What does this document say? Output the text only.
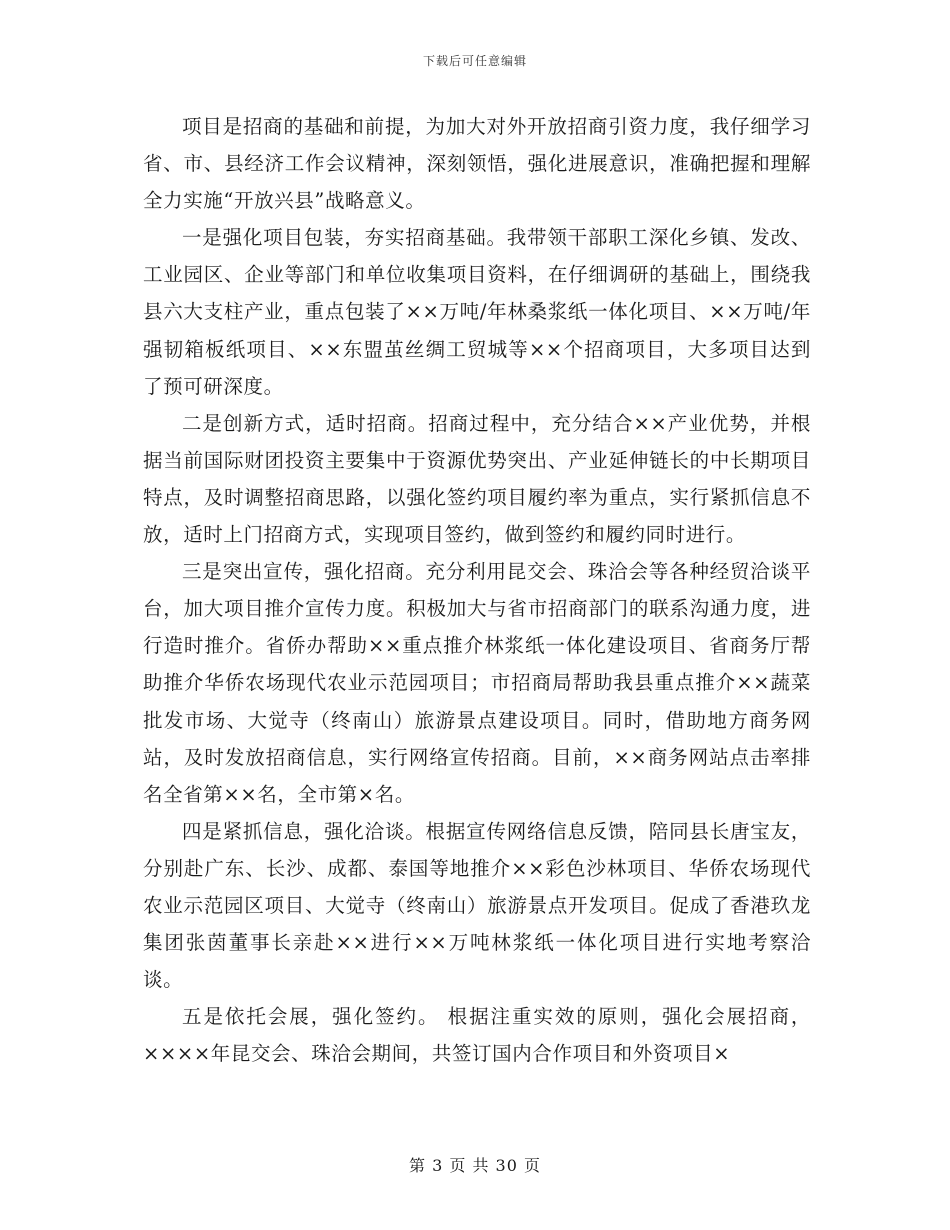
下载后可任意编辑

项目是招商的基础和前提，为加大对外开放招商引资力度，我仔细学习省、市、县经济工作会议精神，深刻领悟，强化进展意识，准确把握和理解全力实施“开放兴县”战略意义。

一是强化项目包装，夯实招商基础。我带领干部职工深化乡镇、发改、工业园区、企业等部门和单位收集项目资料，在仔细调研的基础上，围绕我县六大支柱产业，重点包装了××万吨/年林桑浆纸一体化项目、××万吨/年强韧箱板纸项目、××东盟茧丝绸工贸城等××个招商项目，大多项目达到了预可研深度。

二是创新方式，适时招商。招商过程中，充分结合××产业优势，并根据当前国际财团投资主要集中于资源优势突出、产业延伸链长的中长期项目特点，及时调整招商思路，以强化签约项目履约率为重点，实行紧抓信息不放，适时上门招商方式，实现项目签约，做到签约和履约同时进行。

三是突出宣传，强化招商。充分利用昆交会、珠洽会等各种经贸洽谈平台，加大项目推介宣传力度。积极加大与省市招商部门的联系沟通力度，进行造时推介。省侨办帮助××重点推介林浆纸一体化建设项目、省商务厅帮助推介华侨农场现代农业示范园项目；市招商局帮助我县重点推介××蔬菜批发市场、大觉寺（终南山）旅游景点建设项目。同时，借助地方商务网站，及时发放招商信息，实行网络宣传招商。目前，××商务网站点击率排名全省第××名，全市第×名。

四是紧抓信息，强化洽谈。根据宣传网络信息反馈，陪同县长唐宝友，分别赴广东、长沙、成都、泰国等地推介××彩色沙林项目、华侨农场现代农业示范园区项目、大觉寺（终南山）旅游景点开发项目。促成了香港玖龙集团张茵董事长亲赴××进行××万吨林浆纸一体化项目进行实地考察洽谈。

五是依托会展，强化签约。 根据注重实效的原则，强化会展招商，××××年昆交会、珠洽会期间，共签订国内合作项目和外资项目×

第 3 页 共 30 页
